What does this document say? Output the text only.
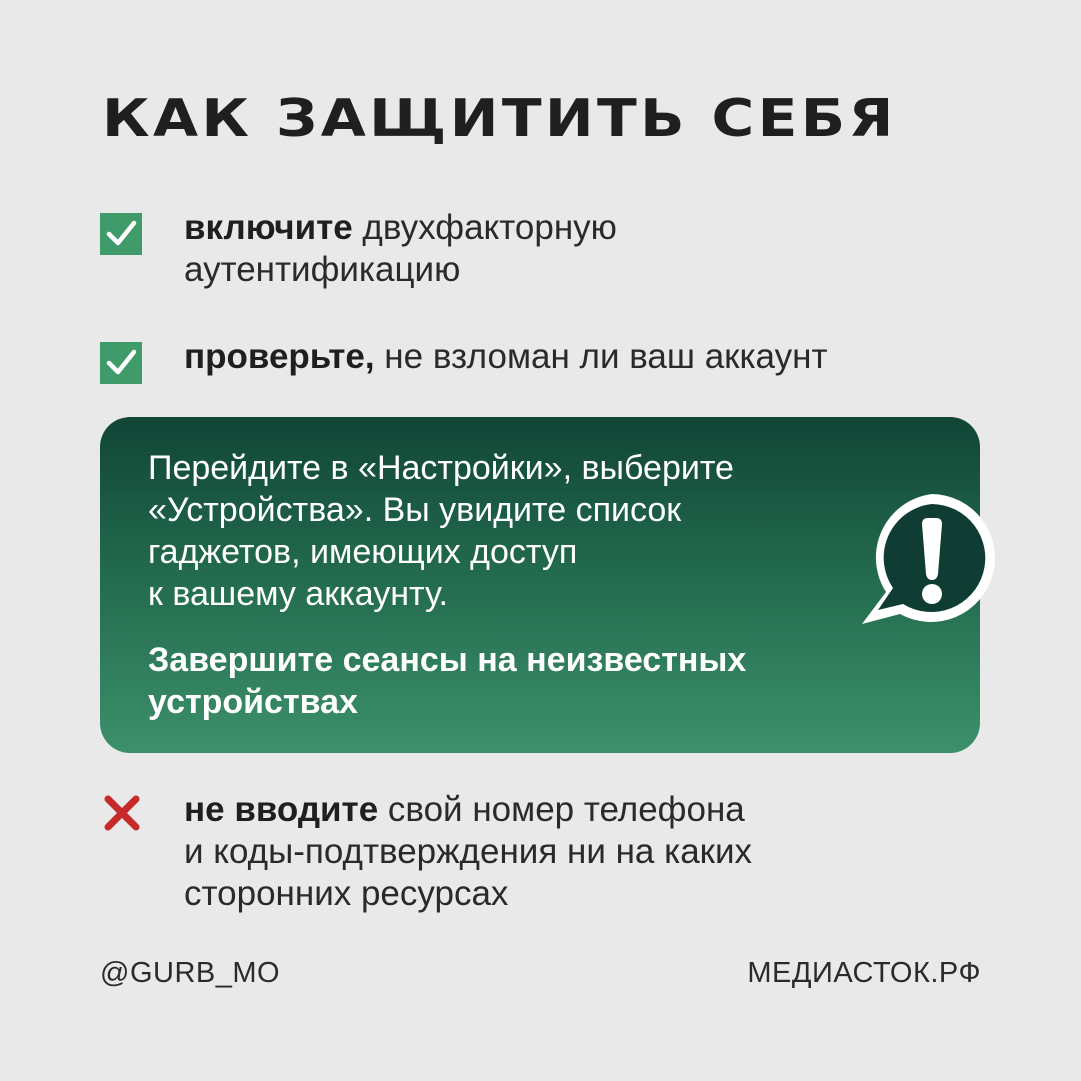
КАК ЗАЩИТИТЬ СЕБЯ
включите двухфакторную
аутентификацию
проверьте, не взломан ли ваш аккаунт
Перейдите в «Настройки», выберите
«Устройства». Вы увидите список
гаджетов, имеющих доступ
к вашему аккаунту.
Завершите сеансы на неизвестных
устройствах
не вводите свой номер телефона
и коды-подтверждения ни на каких
сторонних ресурсах
@GURB_MO	МЕДИАСТОК.РФ
